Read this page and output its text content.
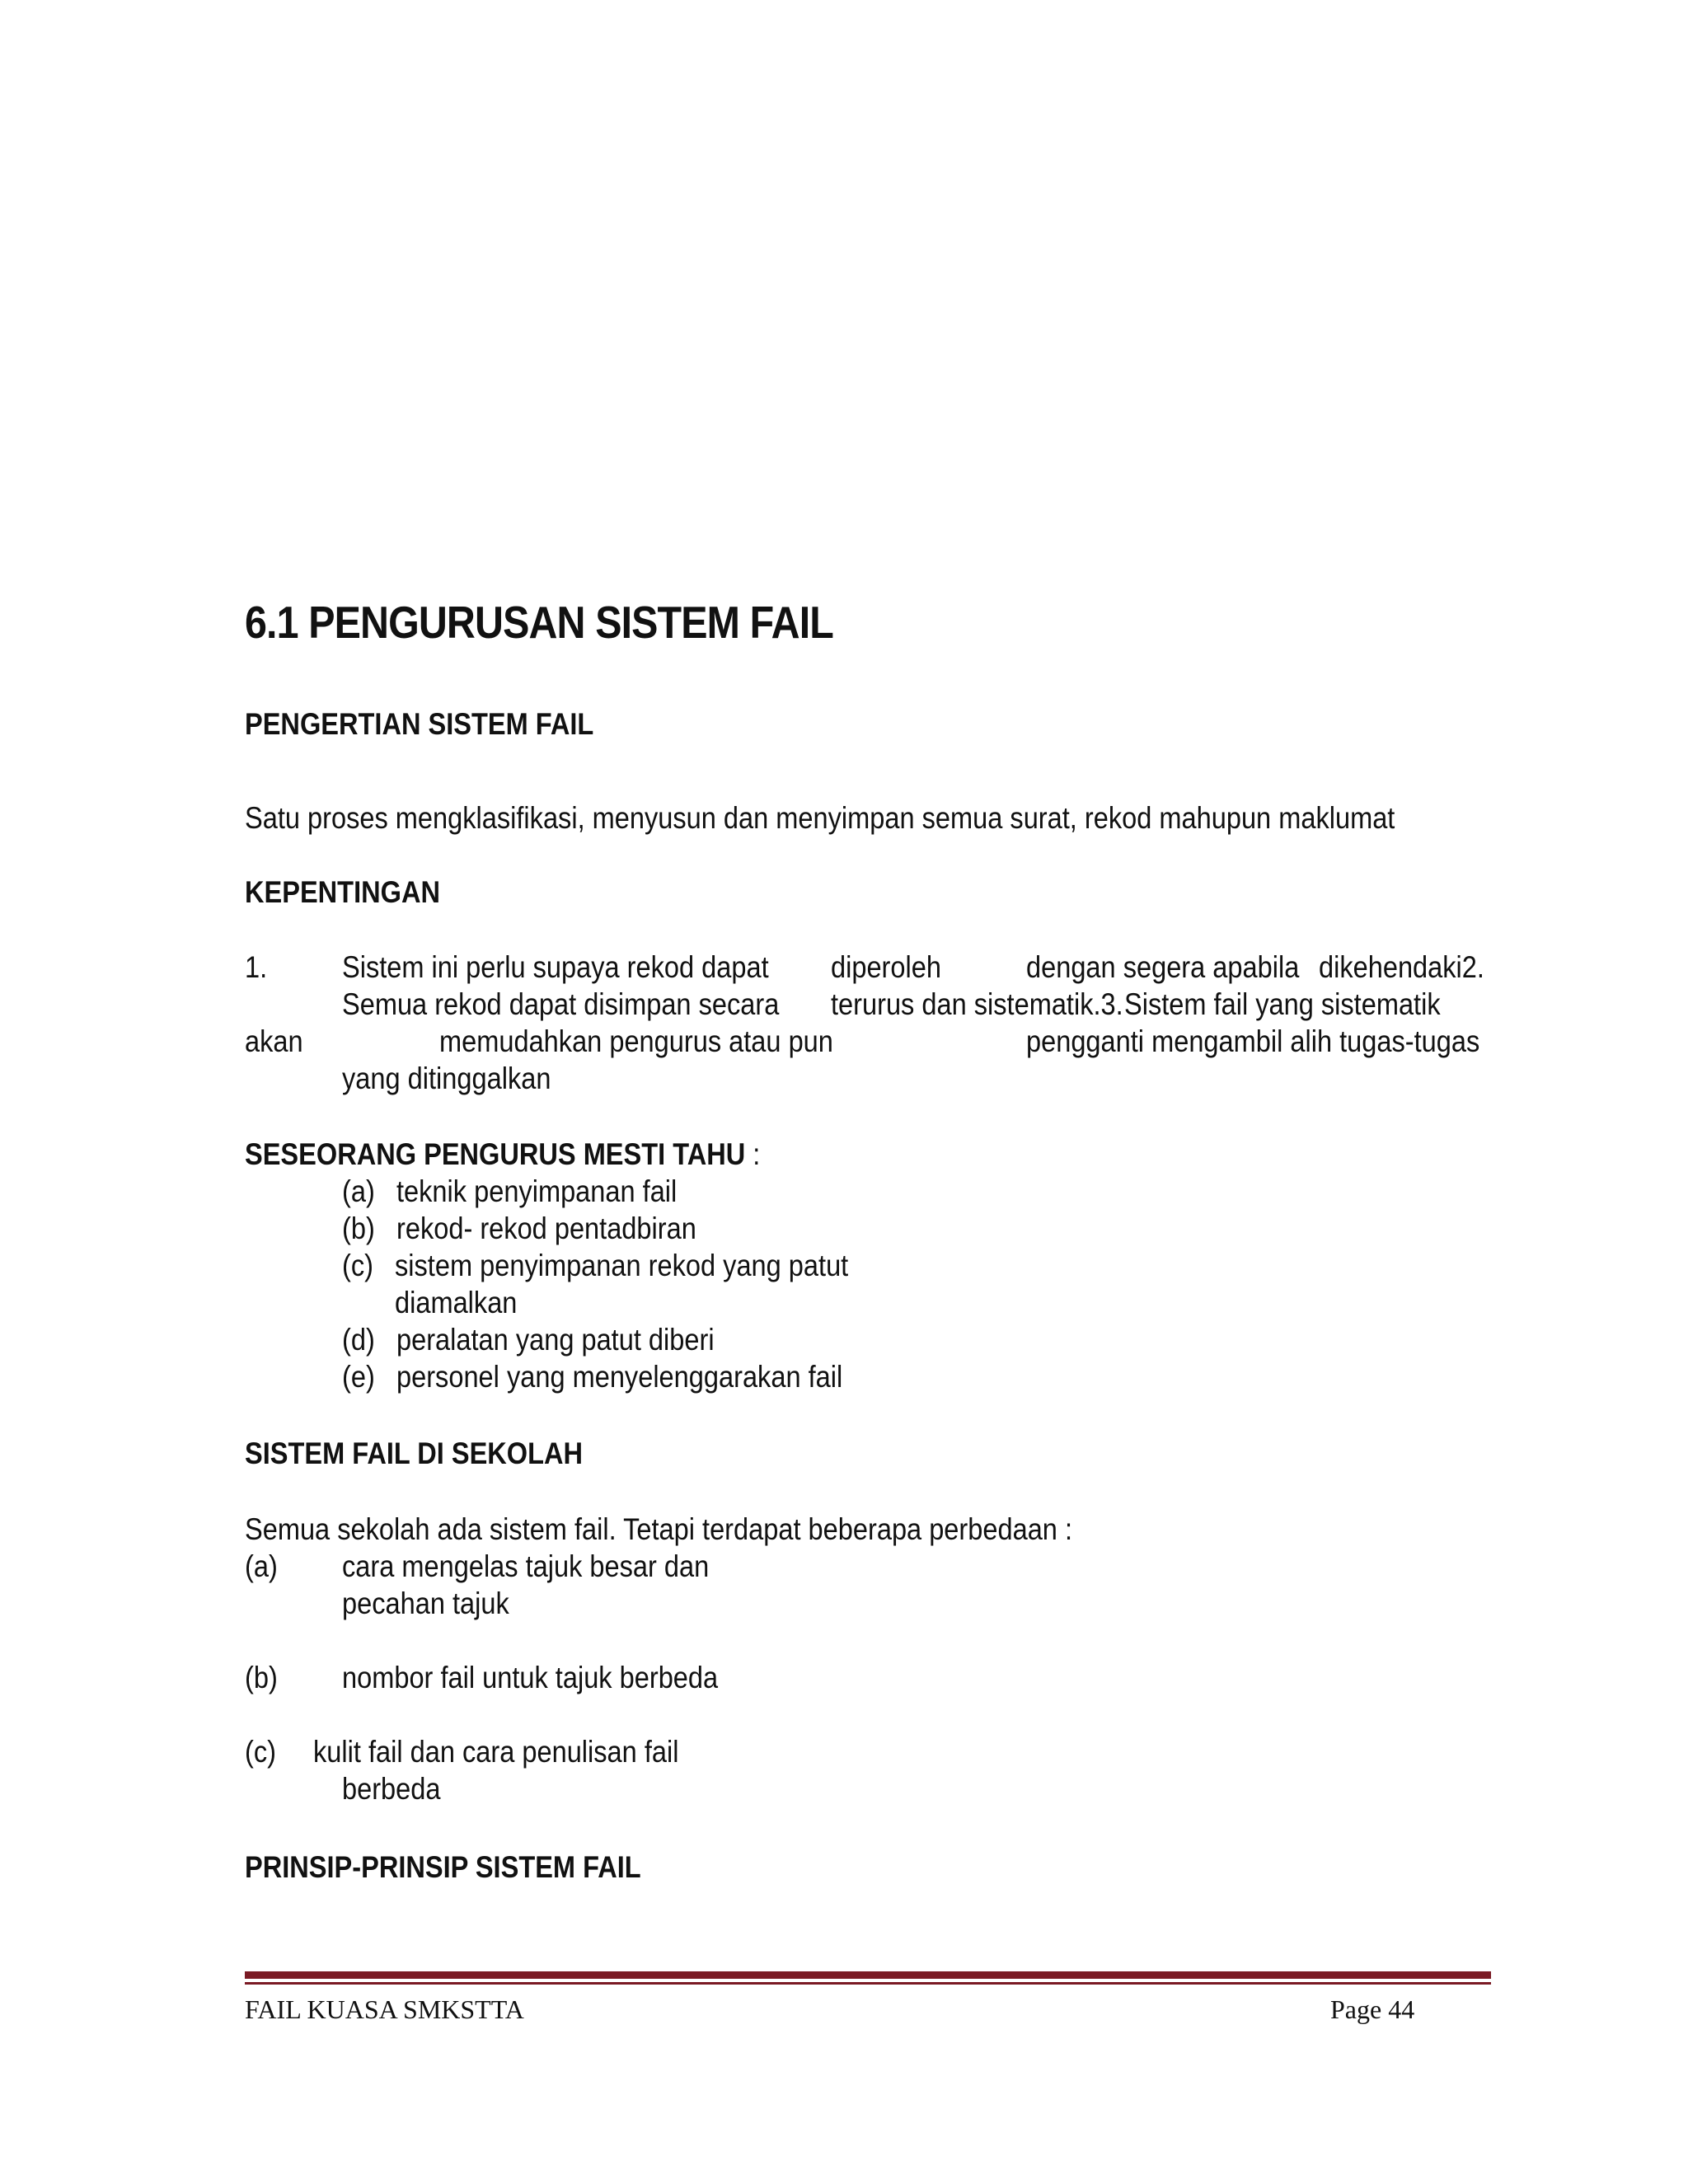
6.1 PENGURUSAN SISTEM FAIL
PENGERTIAN SISTEM FAIL
Satu proses mengklasifikasi, menyusun dan menyimpan semua surat, rekod mahupun maklumat
KEPENTINGAN
1. Sistem ini perlu supaya rekod dapat diperoleh	dengan segera apabila dikehendaki2.
Semua rekod dapat disimpan secara terurus dan sistematik.3. Sistem fail yang sistematik
akan	memudahkan pengurus atau pun	pengganti mengambil alih tugas-tugas
yang ditinggalkan
SESEORANG PENGURUS MESTI TAHU :
(a) teknik penyimpanan fail
(b) rekod- rekod pentadbiran
(c) sistem penyimpanan rekod yang patut
diamalkan
(d) peralatan yang patut diberi
(e) personel yang menyelenggarakan fail
SISTEM FAIL DI SEKOLAH
Semua sekolah ada sistem fail. Tetapi terdapat beberapa perbedaan :
(a) cara mengelas tajuk besar dan
pecahan tajuk
(b) nombor fail untuk tajuk berbeda
(c) kulit fail dan cara penulisan fail
berbeda
PRINSIP-PRINSIP SISTEM FAIL
FAIL KUASA SMKSTTA	Page 44
